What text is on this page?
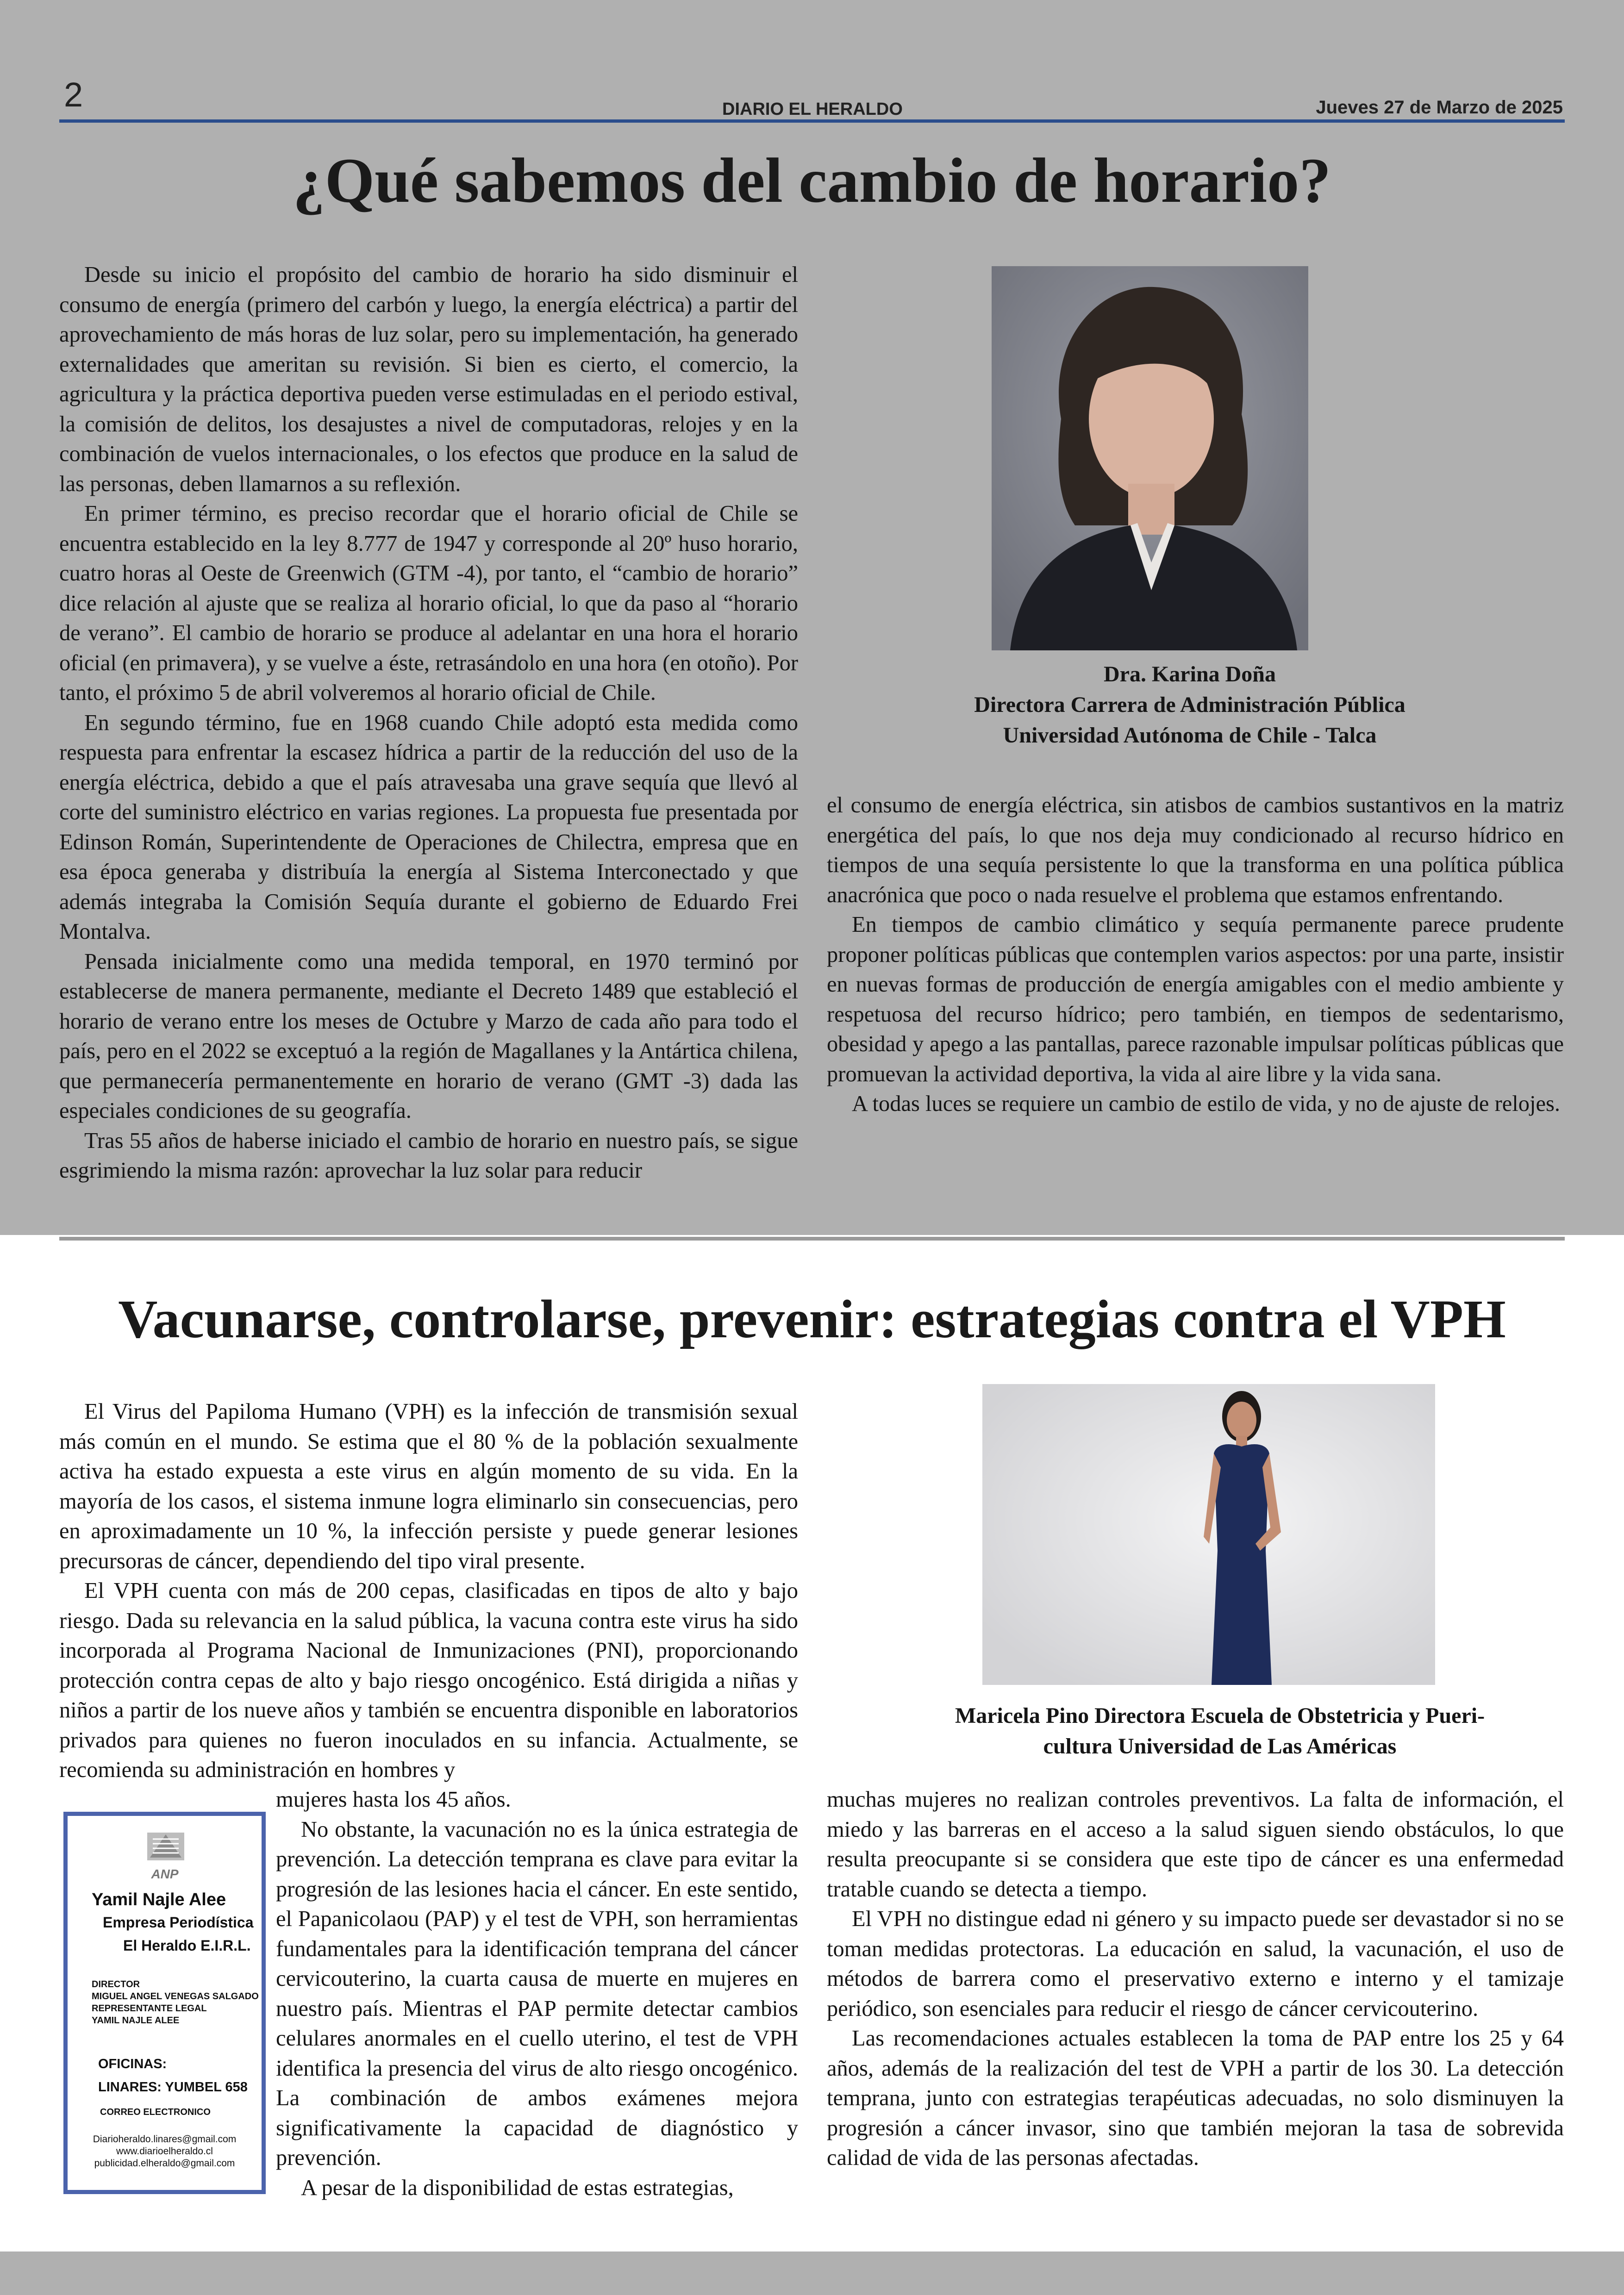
2	DIARIO EL HERALDO	Jueves 27 de Marzo de 2025
¿Qué sabemos del cambio de horario?

Desde su inicio el propósito del cambio de horario ha sido disminuir el consumo de energía (primero del carbón y luego, la energía eléctrica) a partir del aprovechamiento de más horas de luz solar, pero su implementación, ha generado externalidades que ameritan su revisión. Si bien es cierto, el comercio, la agricultura y la práctica deportiva pueden verse estimuladas en el periodo estival, la comisión de delitos, los desajustes a nivel de computadoras, relojes y en la combinación de vuelos internacionales, o los efectos que produce en la salud de las personas, deben llamarnos a su reflexión.

En primer término, es preciso recordar que el horario oficial de Chile se encuentra establecido en la ley 8.777 de 1947 y corresponde al 20º huso horario, cuatro horas al Oeste de Greenwich (GTM -4), por tanto, el “cambio de horario” dice relación al ajuste que se realiza al horario oficial, lo que da paso al “horario de verano”. El cambio de horario se produce al adelantar en una hora el horario oficial (en primavera), y se vuelve a éste, retrasándolo en una hora (en otoño). Por tanto, el próximo 5 de abril volveremos al horario oficial de Chile.

En segundo término, fue en 1968 cuando Chile adoptó esta medida como respuesta para enfrentar la escasez hídrica a partir de la reducción del uso de la energía eléctrica, debido a que el país atravesaba una grave sequía que llevó al corte del suministro eléctrico en varias regiones. La propuesta fue presentada por Edinson Román, Superintendente de Operaciones de Chilectra, empresa que en esa época generaba y distribuía la energía al Sistema Interconectado y que además integraba la Comisión Sequía durante el gobierno de Eduardo Frei Montalva.

Pensada inicialmente como una medida temporal, en 1970 terminó por establecerse de manera permanente, mediante el Decreto 1489 que estableció el horario de verano entre los meses de Octubre y Marzo de cada año para todo el país, pero en el 2022 se exceptuó a la región de Magallanes y la Antártica chilena, que permanecería permanentemente en horario de verano (GMT -3) dada las especiales condiciones de su geografía.

Tras 55 años de haberse iniciado el cambio de horario en nuestro país, se sigue esgrimiendo la misma razón: aprovechar la luz solar para reducir

Dra. Karina Doña
Directora Carrera de Administración Pública
Universidad Autónoma de Chile - Talca

el consumo de energía eléctrica, sin atisbos de cambios sustantivos en la matriz energética del país, lo que nos deja muy condicionado al recurso hídrico en tiempos de una sequía persistente lo que la transforma en una política pública anacrónica que poco o nada resuelve el problema que estamos enfrentando.

En tiempos de cambio climático y sequía permanente parece prudente proponer políticas públicas que contemplen varios aspectos: por una parte, insistir en nuevas formas de producción de energía amigables con el medio ambiente y respetuosa del recurso hídrico; pero también, en tiempos de sedentarismo, obesidad y apego a las pantallas, parece razonable impulsar políticas públicas que promuevan la actividad deportiva, la vida al aire libre y la vida sana.

A todas luces se requiere un cambio de estilo de vida, y no de ajuste de relojes.

Vacunarse, controlarse, prevenir: estrategias contra el VPH

El Virus del Papiloma Humano (VPH) es la infección de transmisión sexual más común en el mundo. Se estima que el 80 % de la población sexualmente activa ha estado expuesta a este virus en algún momento de su vida. En la mayoría de los casos, el sistema inmune logra eliminarlo sin consecuencias, pero en aproximadamente un 10 %, la infección persiste y puede generar lesiones precursoras de cáncer, dependiendo del tipo viral presente.

El VPH cuenta con más de 200 cepas, clasificadas en tipos de alto y bajo riesgo. Dada su relevancia en la salud pública, la vacuna contra este virus ha sido incorporada al Programa Nacional de Inmunizaciones (PNI), proporcionando protección contra cepas de alto y bajo riesgo oncogénico. Está dirigida a niñas y niños a partir de los nueve años y también se encuentra disponible en laboratorios privados para quienes no fueron inoculados en su infancia. Actualmente, se recomienda su administración en hombres y

Maricela Pino Directora Escuela de Obstetricia y Pueri-
cultura Universidad de Las Américas

mujeres hasta los 45 años.

No obstante, la vacunación no es la única estrategia de prevención. La detección temprana es clave para evitar la progresión de las lesiones hacia el cáncer. En este sentido, el Papanicolaou (PAP) y el test de VPH, son herramientas fundamentales para la identificación temprana del cáncer cervicouterino, la cuarta causa de muerte en mujeres en nuestro país. Mientras el PAP permite detectar cambios celulares anormales en el cuello uterino, el test de VPH identifica la presencia del virus de alto riesgo oncogénico. La combinación de ambos exámenes mejora significativamente la capacidad de diagnóstico y prevención.

A pesar de la disponibilidad de estas estrategias,

muchas mujeres no realizan controles preventivos. La falta de información, el miedo y las barreras en el acceso a la salud siguen siendo obstáculos, lo que resulta preocupante si se considera que este tipo de cáncer es una enfermedad tratable cuando se detecta a tiempo.

El VPH no distingue edad ni género y su impacto puede ser devastador si no se toman medidas protectoras. La educación en salud, la vacunación, el uso de métodos de barrera como el preservativo externo e interno y el tamizaje periódico, son esenciales para reducir el riesgo de cáncer cervicouterino.

Las recomendaciones actuales establecen la toma de PAP entre los 25 y 64 años, además de la realización del test de VPH a partir de los 30. La detección temprana, junto con estrategias terapéuticas adecuadas, no solo disminuyen la progresión a cáncer invasor, sino que también mejoran la tasa de sobrevida calidad de vida de las personas afectadas.

ANP
Yamil Najle Alee
Empresa Periodística
El Heraldo E.I.R.L.
DIRECTOR
MIGUEL ANGEL VENEGAS SALGADO
REPRESENTANTE LEGAL
YAMIL NAJLE ALEE
OFICINAS:
LINARES: YUMBEL 658
CORREO ELECTRONICO
Diarioheraldo.linares@gmail.com
www.diarioelheraldo.cl
publicidad.elheraldo@gmail.com
